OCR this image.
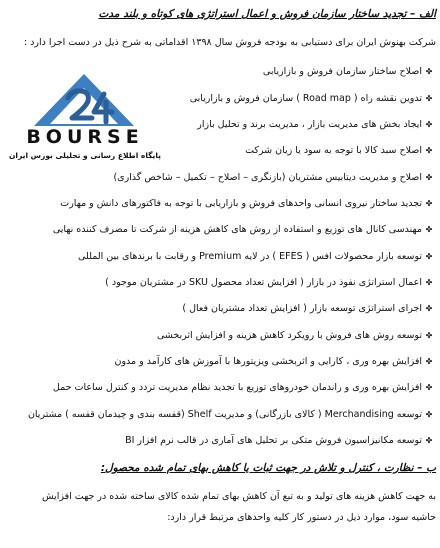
الف – تجدید ساختار سازمان فروش و اعمال استراتژی های کوتاه و بلند مدت
شرکت بهنوش ایران برای دستیابی به بودجه فروش سال ۱۳۹۸ اقداماتی به شرح ذیل در دست اجرا دارد :
✤
اصلاح ساختار سازمان فروش و بازاریابی
✤
تدوین نقشه راه ( Road map ) سازمان فروش و بازاریابی
✤
ایجاد بخش های مدیریت بازار ، مدیریت برند و تحلیل بازار
✤
اصلاح سبد کالا با توجه به سود یا زیان شرکت
✤
اصلاح و مدیریت دیتابیس مشتریان (بازنگری – اصلاح – تکمیل – شاخص گذاری)
✤
تجدید ساختار نیروی انسانی واحدهای فروش و بازاریابی با توجه به فاکتورهای دانش و مهارت
✤
مهندسی کانال های توزیع و استفاده از روش های کاهش هزینه از شرکت تا مصرف کننده نهایی
✤
توسعه بازار محصولات افس ( EFES ) در لایه Premium و رقابت با برندهای بین المللی
✤
اعمال استراتژی نفوذ در بازار ( افزایش تعداد محصول SKU در مشتریان موجود )
✤
اجرای استراتژی توسعه بازار ( افزایش تعداد مشتریان فعال )
✤
توسعه روش های فروش با رویکرد کاهش هزینه و افزایش اثربخشی
✤
افزایش بهره وری ، کارایی و اثربخشی ویزیتورها با آموزش های کارآمد و مدون
✤
افزایش بهره وری و راندمان خودروهای توزیع با تجدید نظام مدیریت تردد و کنترل ساعات حمل
✤
توسعه Merchandising ( کالای بازرگانی) و مدیریت Shelf (قفسه بندی و چیدمان قفسه ) مشتریان
✤
توسعه مکانیزاسیون فروش متکی بر تحلیل های آماری در قالب نرم افزار BI
ب – نظارت ، کنترل و تلاش در جهت ثبات یا کاهش بهای تمام شده محصول:
به جهت کاهش هزینه های تولید و به تبع آن کاهش بهای تمام شده کالای ساخته شده در جهت افزایش
حاشیه سود، موارد ذیل در دستور کار کلیه واحدهای مرتبط قرار دارد:
BOURSE
پایگاه اطلاع رسانی و تحلیلی بورس ایران
